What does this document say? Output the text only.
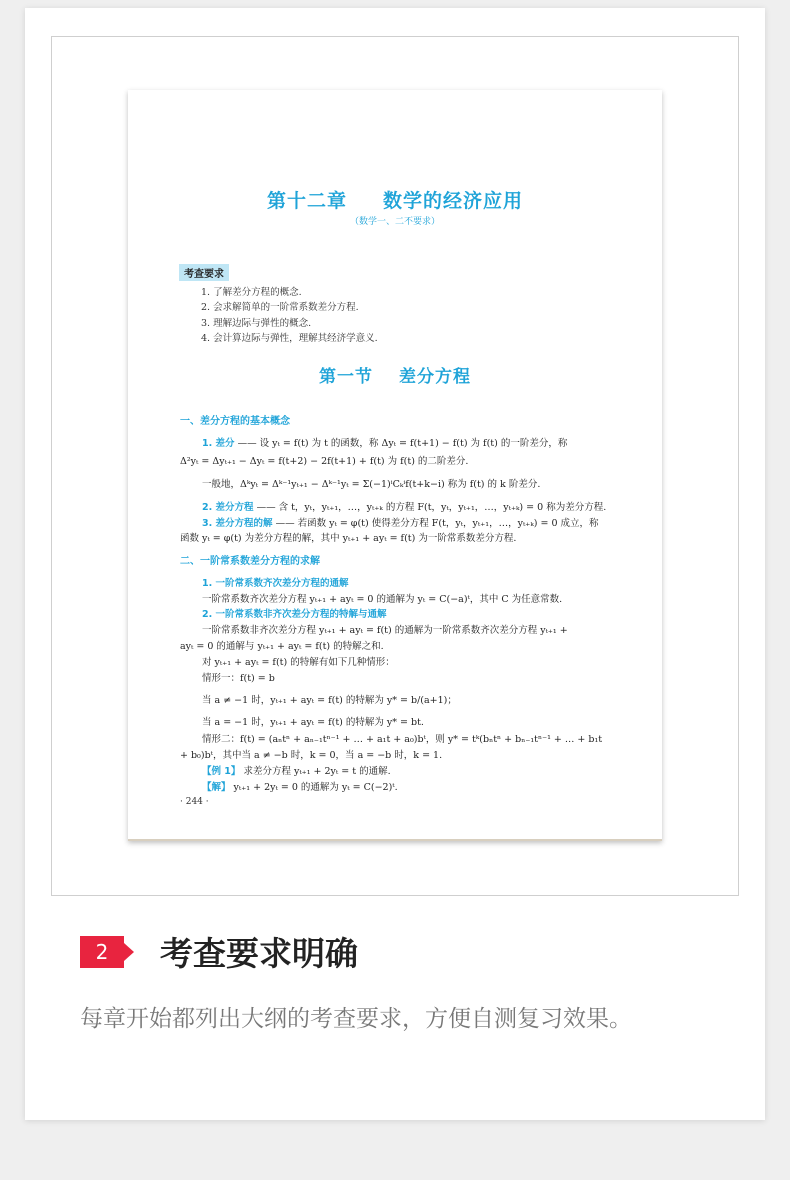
第十二章 数学的经济应用
（数学一、二不要求）
考查要求
1. 了解差分方程的概念.
2. 会求解简单的一阶常系数差分方程.
3. 理解边际与弹性的概念.
4. 会计算边际与弹性，理解其经济学意义.
第一节 差分方程
一、差分方程的基本概念
1. 差分 —— 设 yₜ = f(t) 为 t 的函数，称 Δyₜ = f(t+1) − f(t) 为 f(t) 的一阶差分，称
Δ²yₜ = Δyₜ₊₁ − Δyₜ = f(t+2) − 2f(t+1) + f(t) 为 f(t) 的二阶差分.
一般地，Δᵏyₜ = Δᵏ⁻¹yₜ₊₁ − Δᵏ⁻¹yₜ = Σ(−1)ⁱCₖⁱf(t+k−i) 称为 f(t) 的 k 阶差分.
2. 差分方程 —— 含 t，yₜ，yₜ₊₁，…，yₜ₊ₖ 的方程 F(t，yₜ，yₜ₊₁，…，yₜ₊ₖ) = 0 称为差分方程.
3. 差分方程的解 —— 若函数 yₜ = φ(t) 使得差分方程 F(t，yₜ，yₜ₊₁，…，yₜ₊ₖ) = 0 成立，称
函数 yₜ = φ(t) 为差分方程的解，其中 yₜ₊₁ + ayₜ = f(t) 为一阶常系数差分方程.
二、一阶常系数差分方程的求解
1. 一阶常系数齐次差分方程的通解
一阶常系数齐次差分方程 yₜ₊₁ + ayₜ = 0 的通解为 yₜ = C(−a)ᵗ，其中 C 为任意常数.
2. 一阶常系数非齐次差分方程的特解与通解
一阶常系数非齐次差分方程 yₜ₊₁ + ayₜ = f(t) 的通解为一阶常系数齐次差分方程 yₜ₊₁ +
ayₜ = 0 的通解与 yₜ₊₁ + ayₜ = f(t) 的特解之和.
对 yₜ₊₁ + ayₜ = f(t) 的特解有如下几种情形：
情形一：f(t) = b
当 a ≠ −1 时，yₜ₊₁ + ayₜ = f(t) 的特解为 y* = b/(a+1)；
当 a = −1 时，yₜ₊₁ + ayₜ = f(t) 的特解为 y* = bt.
情形二：f(t) = (aₙtⁿ + aₙ₋₁tⁿ⁻¹ + … + a₁t + a₀)bᵗ，则 y* = tᵏ(bₙtⁿ + bₙ₋₁tⁿ⁻¹ + … + b₁t
+ b₀)bᵗ，其中当 a ≠ −b 时，k = 0，当 a = −b 时，k = 1.
【例 1】 求差分方程 yₜ₊₁ + 2yₜ = t 的通解.
【解】 yₜ₊₁ + 2yₜ = 0 的通解为 yₜ = C(−2)ᵗ.
· 244 ·
2	考查要求明确
每章开始都列出大纲的考查要求，方便自测复习效果。
